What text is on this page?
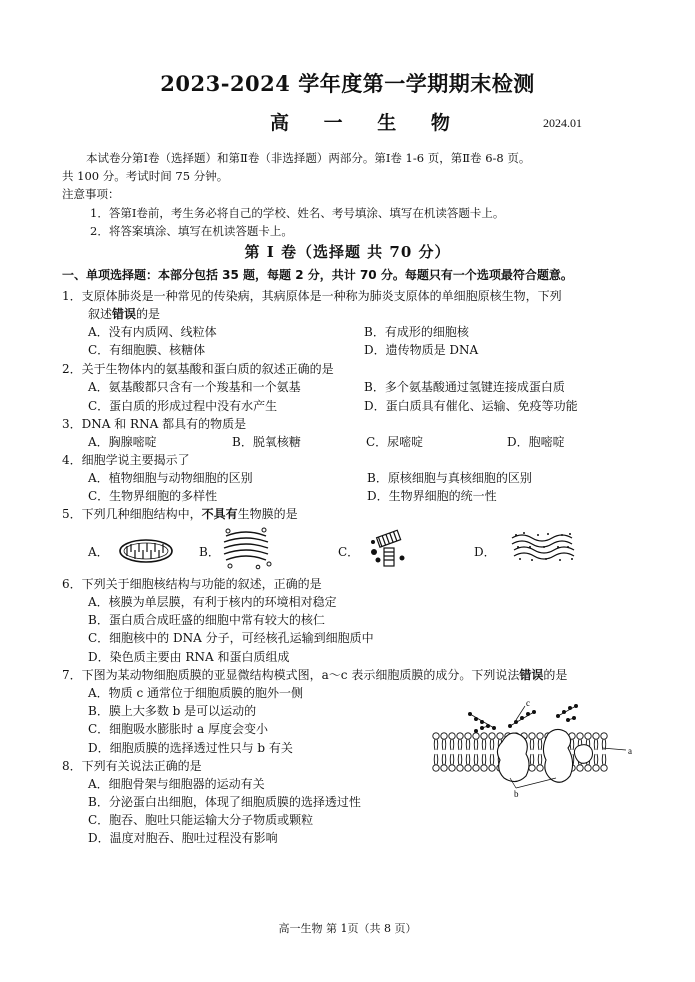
2023-2024 学年度第一学期期末检测
高 一 生 物	2024.01
本试卷分第Ⅰ卷（选择题）和第Ⅱ卷（非选择题）两部分。第Ⅰ卷 1-6 页，第Ⅱ卷 6-8 页。
共 100 分。考试时间 75 分钟。
注意事项：
1．答第Ⅰ卷前，考生务必将自己的学校、姓名、考号填涂、填写在机读答题卡上。
2．将答案填涂、填写在机读答题卡上。
第 Ⅰ 卷（选择题 共 70 分）
一、单项选择题：本部分包括 35 题，每题 2 分，共计 70 分。每题只有一个选项最符合题意。
1．支原体肺炎是一种常见的传染病，其病原体是一种称为肺炎支原体的单细胞原核生物，下列
叙述错误的是
A．没有内质网、线粒体	B．有成形的细胞核
C．有细胞膜、核糖体	D．遗传物质是 DNA
2．关于生物体内的氨基酸和蛋白质的叙述正确的是
A．氨基酸都只含有一个羧基和一个氨基	B．多个氨基酸通过氢键连接成蛋白质
C．蛋白质的形成过程中没有水产生	D．蛋白质具有催化、运输、免疫等功能
3．DNA 和 RNA 都具有的物质是
A．胸腺嘧啶	B．脱氧核糖	C．尿嘧啶	D．胞嘧啶
4．细胞学说主要揭示了
A．植物细胞与动物细胞的区别	B．原核细胞与真核细胞的区别
C．生物界细胞的多样性	D．生物界细胞的统一性
5．下列几种细胞结构中，不具有生物膜的是
A．	B．	C．	D．
6．下列关于细胞核结构与功能的叙述，正确的是
A．核膜为单层膜，有利于核内的环境相对稳定
B．蛋白质合成旺盛的细胞中常有较大的核仁
C．细胞核中的 DNA 分子，可经核孔运输到细胞质中
D．染色质主要由 RNA 和蛋白质组成
7．下图为某动物细胞质膜的亚显微结构模式图，a～c 表示细胞质膜的成分。下列说法错误的是
A．物质 c 通常位于细胞质膜的胞外一侧
B．膜上大多数 b 是可以运动的
C．细胞吸水膨胀时 a 厚度会变小
D．细胞质膜的选择透过性只与 b 有关
c
a
b
8．下列有关说法正确的是
A．细胞骨架与细胞器的运动有关
B．分泌蛋白出细胞，体现了细胞质膜的选择透过性
C．胞吞、胞吐只能运输大分子物质或颗粒
D．温度对胞吞、胞吐过程没有影响
高一生物 第 1页（共 8 页）
